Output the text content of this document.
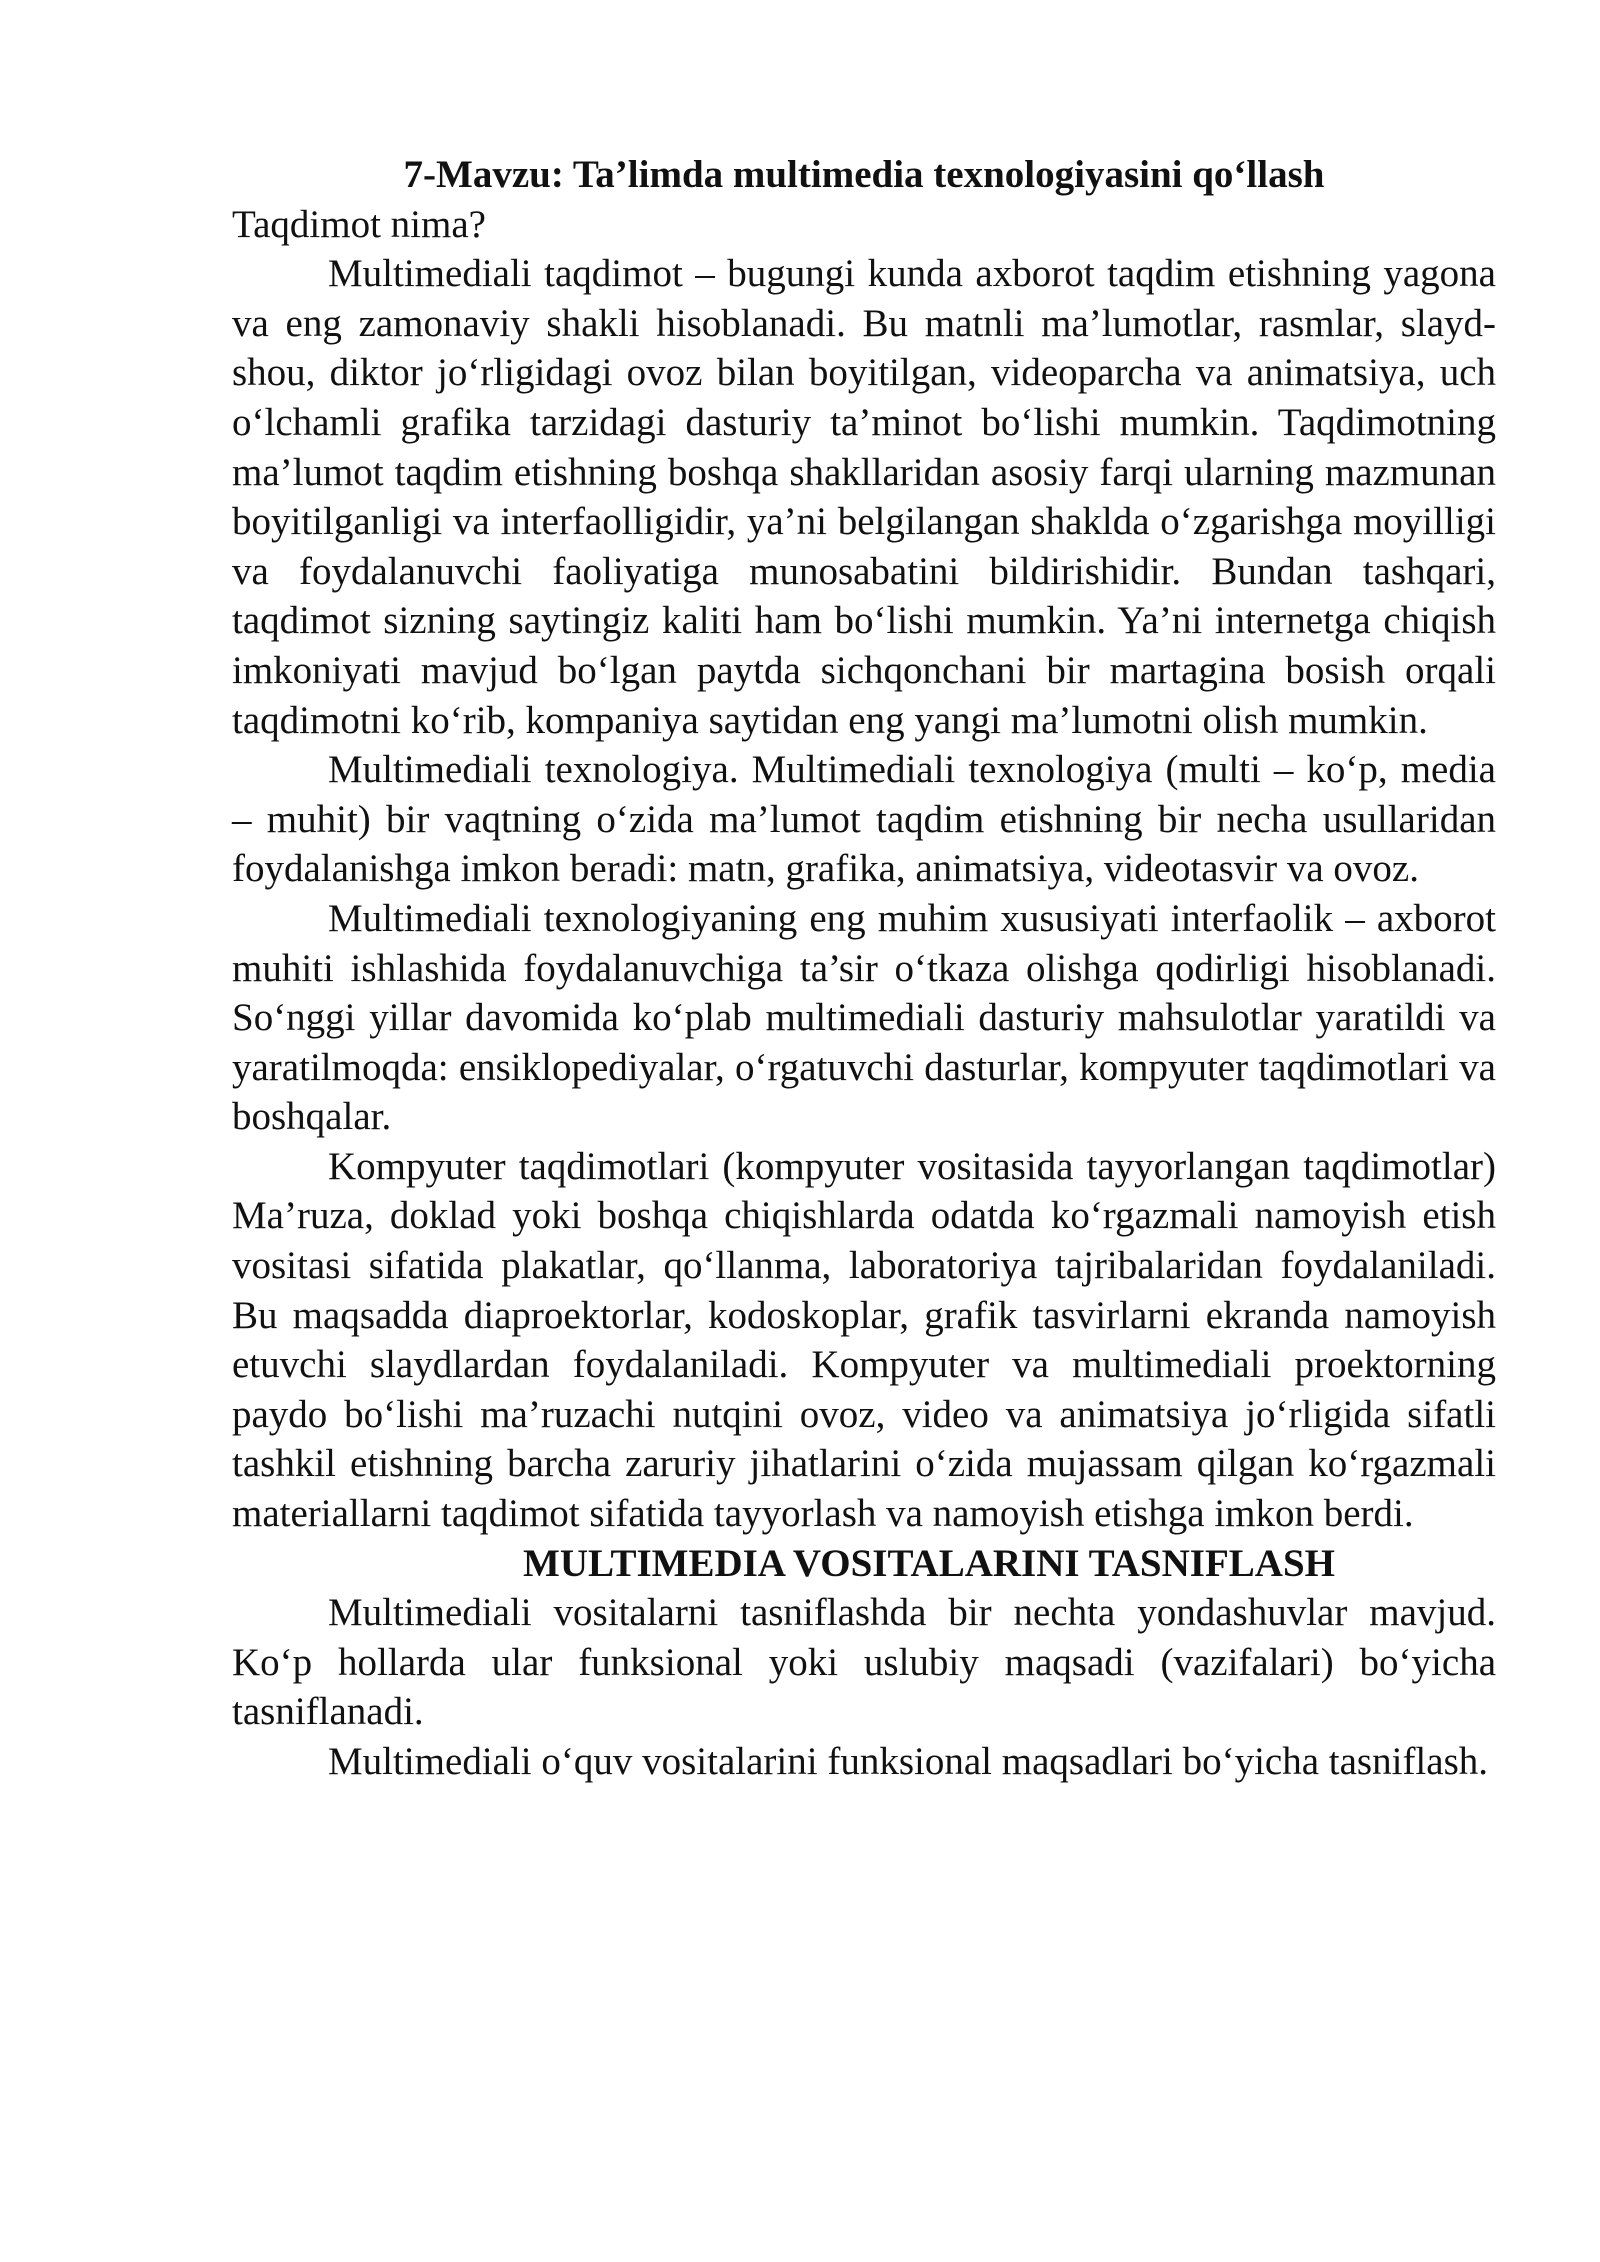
7-Mavzu: Ta’limda multimedia texnologiyasini qo‘llash

Taqdimot nima?

Multimediali taqdimot – bugungi kunda axborot taqdim etishning yagona va eng zamonaviy shakli hisoblanadi. Bu matnli ma’lumotlar, rasmlar, slayd-shou, diktor jo‘rligidagi ovoz bilan boyitilgan, videoparcha va animatsiya, uch o‘lchamli grafika tarzidagi dasturiy ta’minot bo‘lishi mumkin. Taqdimotning ma’lumot taqdim etishning boshqa shakllaridan asosiy farqi ularning mazmunan boyitilganligi va interfaolligidir, ya’ni belgilangan shaklda o‘zgarishga moyilligi va foydalanuvchi faoliyatiga munosabatini bildirishidir. Bundan tashqari, taqdimot sizning saytingiz kaliti ham bo‘lishi mumkin. Ya’ni internetga chiqish imkoniyati mavjud bo‘lgan paytda sichqonchani bir martagina bosish orqali taqdimotni ko‘rib, kompaniya saytidan eng yangi ma’lumotni olish mumkin.

Multimediali texnologiya. Multimediali texnologiya (multi – ko‘p, media – muhit) bir vaqtning o‘zida ma’lumot taqdim etishning bir necha usullaridan foydalanishga imkon beradi: matn, grafika, animatsiya, videotasvir va ovoz.

Multimediali texnologiyaning eng muhim xususiyati interfaolik – axborot muhiti ishlashida foydalanuvchiga ta’sir o‘tkaza olishga qodirligi hisoblanadi. So‘nggi yillar davomida ko‘plab multimediali dasturiy mahsulotlar yaratildi va yaratilmoqda: ensiklopediyalar, o‘rgatuvchi dasturlar, kompyuter taqdimotlari va boshqalar.

Kompyuter taqdimotlari (kompyuter vositasida tayyorlangan taqdimotlar) Ma’ruza, doklad yoki boshqa chiqishlarda odatda ko‘rgazmali namoyish etish vositasi sifatida plakatlar, qo‘llanma, laboratoriya tajribalaridan foydalaniladi. Bu maqsadda diaproektorlar, kodoskoplar, grafik tasvirlarni ekranda namoyish etuvchi slaydlardan foydalaniladi. Kompyuter va multimediali proektorning paydo bo‘lishi ma’ruzachi nutqini ovoz, video va animatsiya jo‘rligida sifatli tashkil etishning barcha zaruriy jihatlarini o‘zida mujassam qilgan ko‘rgazmali materiallarni taqdimot sifatida tayyorlash va namoyish etishga imkon berdi.

MULTIMEDIA VOSITALARINI TASNIFLASH

Multimediali vositalarni tasniflashda bir nechta yondashuvlar mavjud. Ko‘p hollarda ular funksional yoki uslubiy maqsadi (vazifalari) bo‘yicha tasniflanadi.

Multimediali o‘quv vositalarini funksional maqsadlari bo‘yicha tasniflash.
